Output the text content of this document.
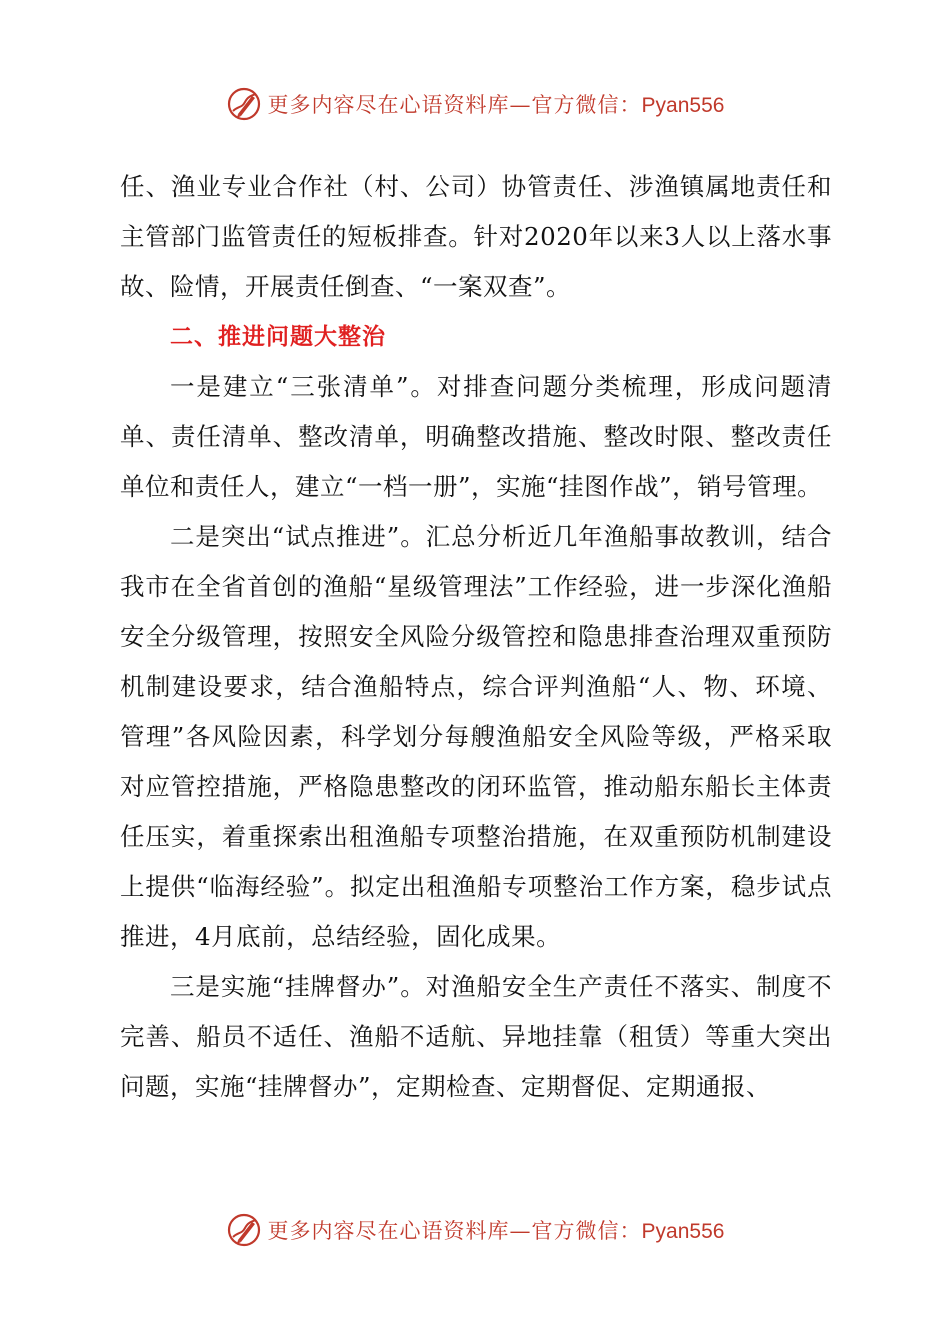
更多内容尽在心语资料库—官方微信：Pyan556

任、渔业专业合作社（村、公司）协管责任、涉渔镇属地责任和主管部门监管责任的短板排查。针对2020年以来3人以上落水事故、险情，开展责任倒查、“一案双查”。

二、推进问题大整治

一是建立“三张清单”。对排查问题分类梳理，形成问题清单、责任清单、整改清单，明确整改措施、整改时限、整改责任单位和责任人，建立“一档一册”，实施“挂图作战”，销号管理。

二是突出“试点推进”。汇总分析近几年渔船事故教训，结合我市在全省首创的渔船“星级管理法”工作经验，进一步深化渔船安全分级管理，按照安全风险分级管控和隐患排查治理双重预防机制建设要求，结合渔船特点，综合评判渔船“人、物、环境、管理”各风险因素，科学划分每艘渔船安全风险等级，严格采取对应管控措施，严格隐患整改的闭环监管，推动船东船长主体责任压实，着重探索出租渔船专项整治措施，在双重预防机制建设上提供“临海经验”。拟定出租渔船专项整治工作方案，稳步试点推进，4月底前，总结经验，固化成果。

三是实施“挂牌督办”。对渔船安全生产责任不落实、制度不完善、船员不适任、渔船不适航、异地挂靠（租赁）等重大突出问题，实施“挂牌督办”，定期检查、定期督促、定期通报、

更多内容尽在心语资料库—官方微信：Pyan556
